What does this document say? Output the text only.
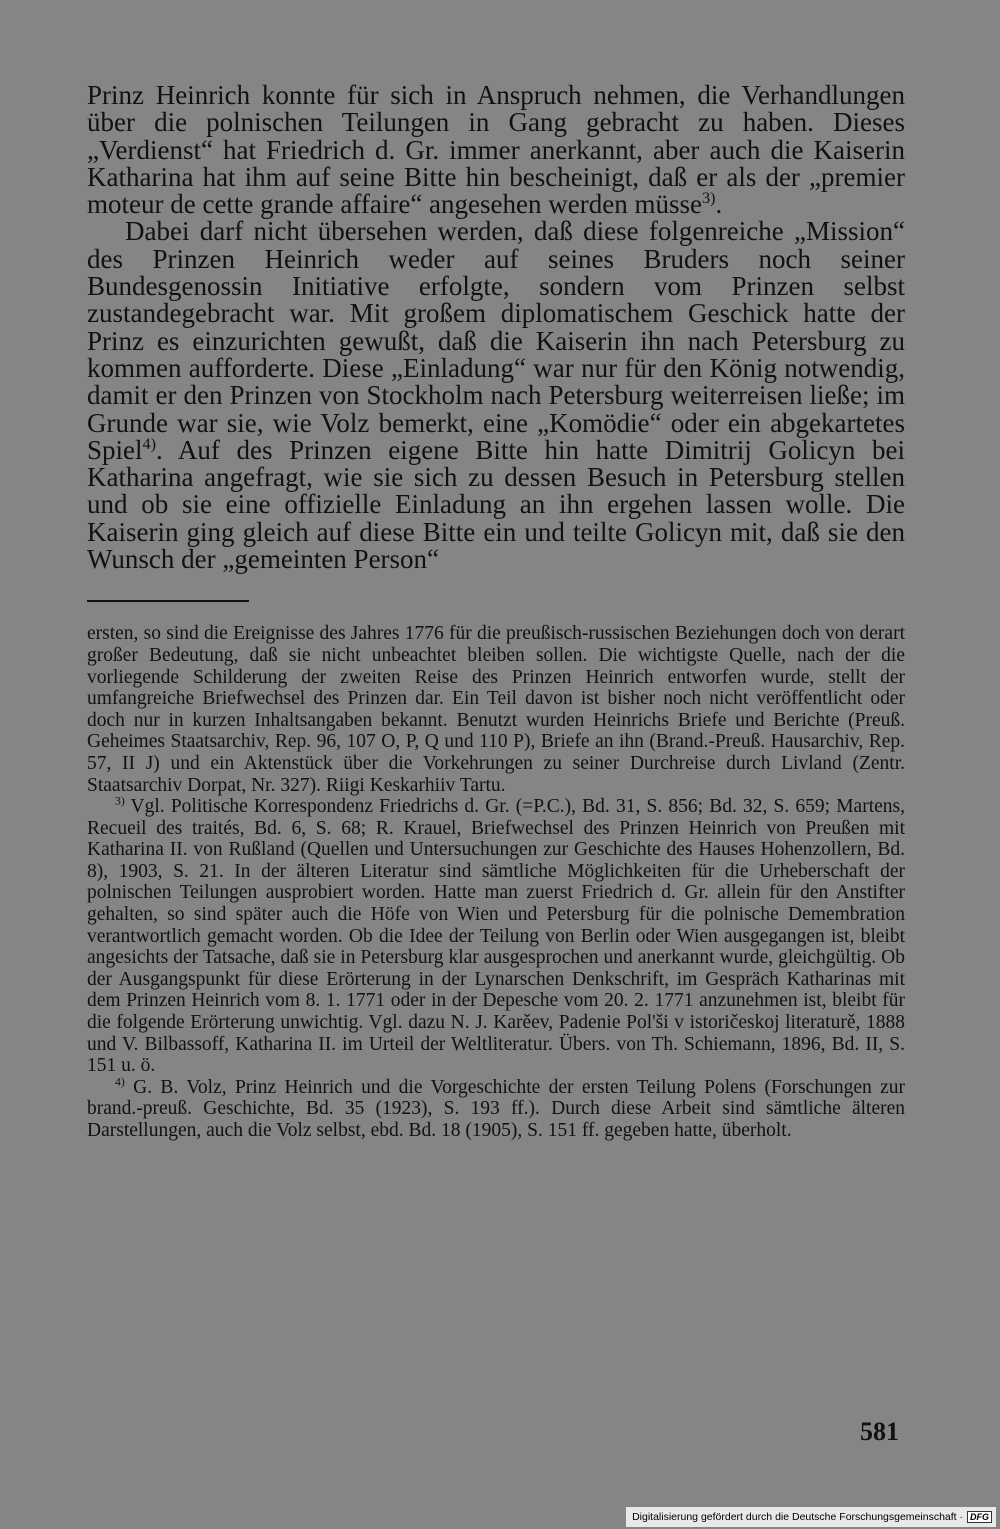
Prinz Heinrich konnte für sich in Anspruch nehmen, die Verhandlungen über die polnischen Teilungen in Gang gebracht zu haben. Dieses „Verdienst“ hat Friedrich d. Gr. immer anerkannt, aber auch die Kaiserin Katharina hat ihm auf seine Bitte hin bescheinigt, daß er als der „premier moteur de cette grande affaire“ angesehen werden müsse$^{3)}$.

Dabei darf nicht übersehen werden, daß diese folgenreiche „Mission“ des Prinzen Heinrich weder auf seines Bruders noch seiner Bundesgenossin Initiative erfolgte, sondern vom Prinzen selbst zustandegebracht war. Mit großem diplomatischem Geschick hatte der Prinz es einzurichten gewußt, daß die Kaiserin ihn nach Petersburg zu kommen aufforderte. Diese „Einladung“ war nur für den König notwendig, damit er den Prinzen von Stockholm nach Petersburg weiterreisen ließe; im Grunde war sie, wie Volz bemerkt, eine „Komödie“ oder ein abgekartetes Spiel$^{4)}$. Auf des Prinzen eigene Bitte hin hatte Dimitrij Golicyn bei Katharina angefragt, wie sie sich zu dessen Besuch in Petersburg stellen und ob sie eine offizielle Einladung an ihn ergehen lassen wolle. Die Kaiserin ging gleich auf diese Bitte ein und teilte Golicyn mit, daß sie den Wunsch der „gemeinten Person“

ersten, so sind die Ereignisse des Jahres 1776 für die preußisch-russischen Beziehungen doch von derart großer Bedeutung, daß sie nicht unbeachtet bleiben sollen. Die wichtigste Quelle, nach der die vorliegende Schilderung der zweiten Reise des Prinzen Heinrich entworfen wurde, stellt der umfangreiche Briefwechsel des Prinzen dar. Ein Teil davon ist bisher noch nicht veröffentlicht oder doch nur in kurzen Inhaltsangaben bekannt. Benutzt wurden Heinrichs Briefe und Berichte (Preuß. Geheimes Staatsarchiv, Rep. 96, 107 O, P, Q und 110 P), Briefe an ihn (Brand.-Preuß. Hausarchiv, Rep. 57, II J) und ein Aktenstück über die Vorkehrungen zu seiner Durchreise durch Livland (Zentr. Staatsarchiv Dorpat, Nr. 327). Riigi Keskarhiiv Tartu.

$^{3)}$ Vgl. Politische Korrespondenz Friedrichs d. Gr. (=P.C.), Bd. 31, S. 856; Bd. 32, S. 659; Martens, Recueil des traités, Bd. 6, S. 68; R. Krauel, Briefwechsel des Prinzen Heinrich von Preußen mit Katharina II. von Rußland (Quellen und Untersuchungen zur Geschichte des Hauses Hohenzollern, Bd. 8), 1903, S. 21. In der älteren Literatur sind sämtliche Möglichkeiten für die Urheberschaft der polnischen Teilungen ausprobiert worden. Hatte man zuerst Friedrich d. Gr. allein für den Anstifter gehalten, so sind später auch die Höfe von Wien und Petersburg für die polnische Demembration verantwortlich gemacht worden. Ob die Idee der Teilung von Berlin oder Wien ausgegangen ist, bleibt angesichts der Tatsache, daß sie in Petersburg klar ausgesprochen und anerkannt wurde, gleichgültig. Ob der Ausgangspunkt für diese Erörterung in der Lynarschen Denkschrift, im Gespräch Katharinas mit dem Prinzen Heinrich vom 8. 1. 1771 oder in der Depesche vom 20. 2. 1771 anzunehmen ist, bleibt für die folgende Erörterung unwichtig. Vgl. dazu N. J. Karěev, Padenie Pol'ši v istoričeskoj literaturě, 1888 und V. Bilbassoff, Katharina II. im Urteil der Weltliteratur. Übers. von Th. Schiemann, 1896, Bd. II, S. 151 u. ö.

$^{4)}$ G. B. Volz, Prinz Heinrich und die Vorgeschichte der ersten Teilung Polens (Forschungen zur brand.-preuß. Geschichte, Bd. 35 (1923), S. 193 ff.). Durch diese Arbeit sind sämtliche älteren Darstellungen, auch die Volz selbst, ebd. Bd. 18 (1905), S. 151 ff. gegeben hatte, überholt.

581
Digitalisierung gefördert durch die Deutsche Forschungsgemeinschaft · DFG
